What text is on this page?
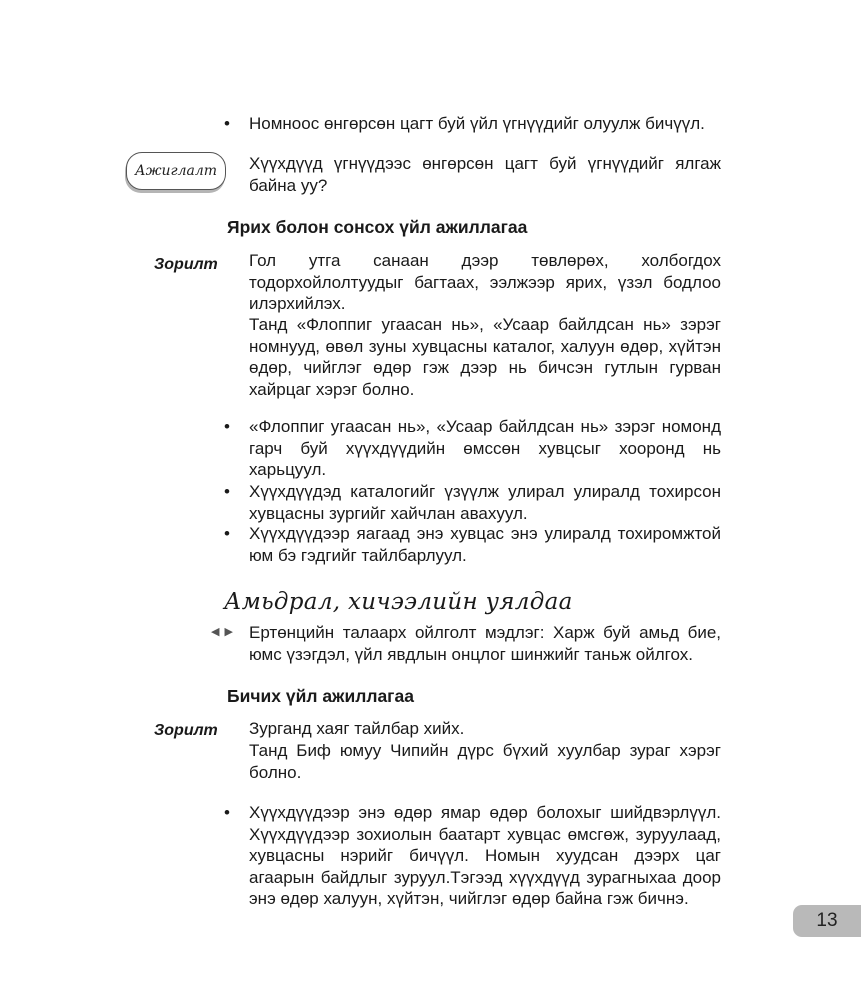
• Номноос өнгөрсөн цагт буй үйл үгнүүдийг олуулж бичүүл.
Ажиглалт	Хүүхдүүд үгнүүдээс өнгөрсөн цагт буй үгнүүдийг ялгаж байна уу?
Ярих болон сонсох үйл ажиллагаа
Зорилт Гол утга санаан дээр төвлөрөх, холбогдох тодорхойлолтуудыг багтаах, ээлжээр ярих, үзэл бодлоо илэрхийлэх.
Танд «Флоппиг угаасан нь», «Усаар байлдсан нь» зэрэг номнууд, өвөл зуны хувцасны каталог, халуун өдөр, хүйтэн өдөр, чийглэг өдөр гэж дээр нь бичсэн гутлын гурван хайрцаг хэрэг болно.
• «Флоппиг угаасан нь», «Усаар байлдсан нь» зэрэг номонд гарч буй хүүхдүүдийн өмссөн хувцсыг хооронд нь харьцуул.
• Хүүхдүүдэд каталогийг үзүүлж улирал улиралд тохирсон хувцасны зургийг хайчлан авахуул.
• Хүүхдүүдээр яагаад энэ хувцас энэ улиралд тохиромжтой юм бэ гэдгийг тайлбарлуул.
Амьдрал, хичээлийн уялдаа
◀ ▶ Ертөнцийн талаарх ойлголт мэдлэг: Харж буй амьд бие, юмс үзэгдэл, үйл явдлын онцлог шинжийг таньж ойлгох.
Бичих үйл ажиллагаа
Зорилт Зурганд хаяг тайлбар хийх.
Танд Биф юмуу Чипийн дүрс бүхий хуулбар зураг хэрэг болно.
• Хүүхдүүдээр энэ өдөр ямар өдөр болохыг шийдвэрлүүл. Хүүхдүүдээр зохиолын баатарт хувцас өмсгөж, зуруулаад, хувцасны нэрийг бичүүл. Номын хуудсан дээрх цаг агаарын байдлыг зуруул.Тэгээд хүүхдүүд зурагныхаа доор энэ өдөр халуун, хүйтэн, чийглэг өдөр байна гэж бичнэ.
13
